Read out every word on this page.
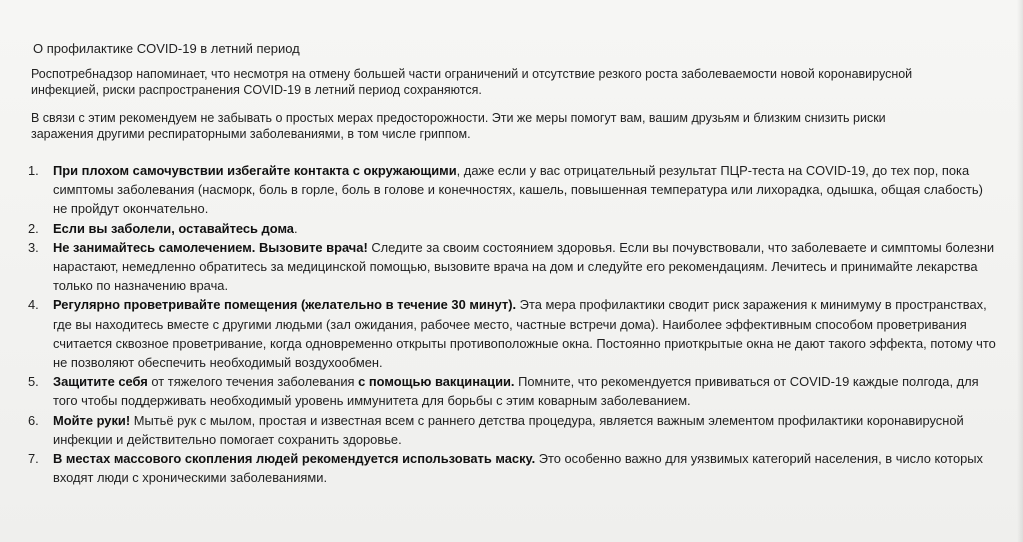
О профилактике COVID-19 в летний период
Роспотребнадзор напоминает, что несмотря на отмену большей части ограничений и отсутствие резкого роста заболеваемости новой коронавирусной инфекцией, риски распространения COVID-19 в летний период сохраняются.
В связи с этим рекомендуем не забывать о простых мерах предосторожности. Эти же меры помогут вам, вашим друзьям и близким снизить риски заражения другими респираторными заболеваниями, в том числе гриппом.
1. При плохом самочувствии избегайте контакта с окружающими, даже если у вас отрицательный результат ПЦР-теста на COVID-19, до тех пор, пока симптомы заболевания (насморк, боль в горле, боль в голове и конечностях, кашель, повышенная температура или лихорадка, одышка, общая слабость) не пройдут окончательно.
2. Если вы заболели, оставайтесь дома.
3. Не занимайтесь самолечением. Вызовите врача! Следите за своим состоянием здоровья. Если вы почувствовали, что заболеваете и симптомы болезни нарастают, немедленно обратитесь за медицинской помощью, вызовите врача на дом и следуйте его рекомендациям. Лечитесь и принимайте лекарства только по назначению врача.
4. Регулярно проветривайте помещения (желательно в течение 30 минут). Эта мера профилактики сводит риск заражения к минимуму в пространствах, где вы находитесь вместе с другими людьми (зал ожидания, рабочее место, частные встречи дома). Наиболее эффективным способом проветривания считается сквозное проветривание, когда одновременно открыты противоположные окна. Постоянно приоткрытые окна не дают такого эффекта, потому что не позволяют обеспечить необходимый воздухообмен.
5. Защитите себя от тяжелого течения заболевания с помощью вакцинации. Помните, что рекомендуется прививаться от COVID-19 каждые полгода, для того чтобы поддерживать необходимый уровень иммунитета для борьбы с этим коварным заболеванием.
6. Мойте руки! Мытьё рук с мылом, простая и известная всем с раннего детства процедура, является важным элементом профилактики коронавирусной инфекции и действительно помогает сохранить здоровье.
7. В местах массового скопления людей рекомендуется использовать маску. Это особенно важно для уязвимых категорий населения, в число которых входят люди с хроническими заболеваниями.
